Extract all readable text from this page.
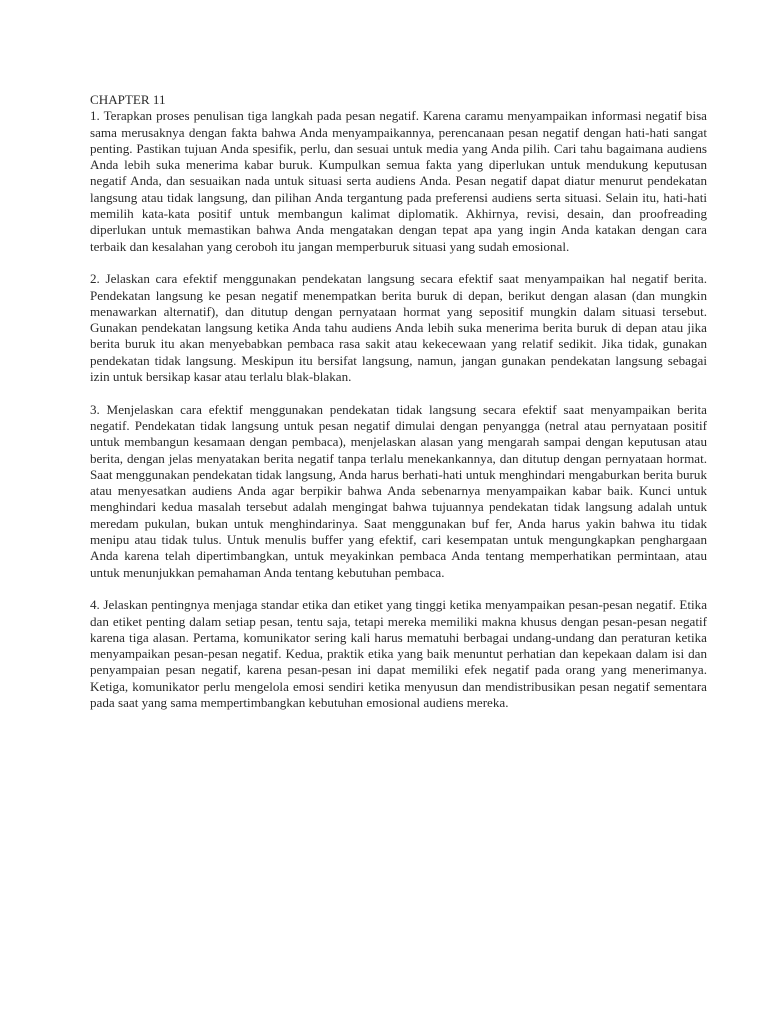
CHAPTER 11

1. Terapkan proses penulisan tiga langkah pada pesan negatif. Karena caramu menyampaikan informasi negatif bisa sama merusaknya dengan fakta bahwa Anda menyampaikannya, perencanaan pesan negatif dengan hati-hati sangat penting. Pastikan tujuan Anda spesifik, perlu, dan sesuai untuk media yang Anda pilih. Cari tahu bagaimana audiens Anda lebih suka menerima kabar buruk. Kumpulkan semua fakta yang diperlukan untuk mendukung keputusan negatif Anda, dan sesuaikan nada untuk situasi serta audiens Anda. Pesan negatif dapat diatur menurut pendekatan langsung atau tidak langsung, dan pilihan Anda tergantung pada preferensi audiens serta situasi. Selain itu, hati-hati memilih kata-kata positif untuk membangun kalimat diplomatik. Akhirnya, revisi, desain, dan proofreading diperlukan untuk memastikan bahwa Anda mengatakan dengan tepat apa yang ingin Anda katakan dengan cara terbaik dan kesalahan yang ceroboh itu jangan memperburuk situasi yang sudah emosional.

2. Jelaskan cara efektif menggunakan pendekatan langsung secara efektif saat menyampaikan hal negatif berita. Pendekatan langsung ke pesan negatif menempatkan berita buruk di depan, berikut dengan alasan (dan mungkin menawarkan alternatif), dan ditutup dengan pernyataan hormat yang sepositif mungkin dalam situasi tersebut. Gunakan pendekatan langsung ketika Anda tahu audiens Anda lebih suka menerima berita buruk di depan atau jika berita buruk itu akan menyebabkan pembaca rasa sakit atau kekecewaan yang relatif sedikit. Jika tidak, gunakan pendekatan tidak langsung. Meskipun itu bersifat langsung, namun, jangan gunakan pendekatan langsung sebagai izin untuk bersikap kasar atau terlalu blak-blakan.

3. Menjelaskan cara efektif menggunakan pendekatan tidak langsung secara efektif saat menyampaikan berita negatif. Pendekatan tidak langsung untuk pesan negatif dimulai dengan penyangga (netral atau pernyataan positif untuk membangun kesamaan dengan pembaca), menjelaskan alasan yang mengarah sampai dengan keputusan atau berita, dengan jelas menyatakan berita negatif tanpa terlalu menekankannya, dan ditutup dengan pernyataan hormat. Saat menggunakan pendekatan tidak langsung, Anda harus berhati-hati untuk menghindari mengaburkan berita buruk atau menyesatkan audiens Anda agar berpikir bahwa Anda sebenarnya menyampaikan kabar baik. Kunci untuk menghindari kedua masalah tersebut adalah mengingat bahwa tujuannya pendekatan tidak langsung adalah untuk meredam pukulan, bukan untuk menghindarinya. Saat menggunakan buf fer, Anda harus yakin bahwa itu tidak menipu atau tidak tulus. Untuk menulis buffer yang efektif, cari kesempatan untuk mengungkapkan penghargaan Anda karena telah dipertimbangkan, untuk meyakinkan pembaca Anda tentang memperhatikan permintaan, atau untuk menunjukkan pemahaman Anda tentang kebutuhan pembaca.

4. Jelaskan pentingnya menjaga standar etika dan etiket yang tinggi ketika menyampaikan pesan-pesan negatif. Etika dan etiket penting dalam setiap pesan, tentu saja, tetapi mereka memiliki makna khusus dengan pesan-pesan negatif karena tiga alasan. Pertama, komunikator sering kali harus mematuhi berbagai undang-undang dan peraturan ketika menyampaikan pesan-pesan negatif. Kedua, praktik etika yang baik menuntut perhatian dan kepekaan dalam isi dan penyampaian pesan negatif, karena pesan-pesan ini dapat memiliki efek negatif pada orang yang menerimanya. Ketiga, komunikator perlu mengelola emosi sendiri ketika menyusun dan mendistribusikan pesan negatif sementara pada saat yang sama mempertimbangkan kebutuhan emosional audiens mereka.
